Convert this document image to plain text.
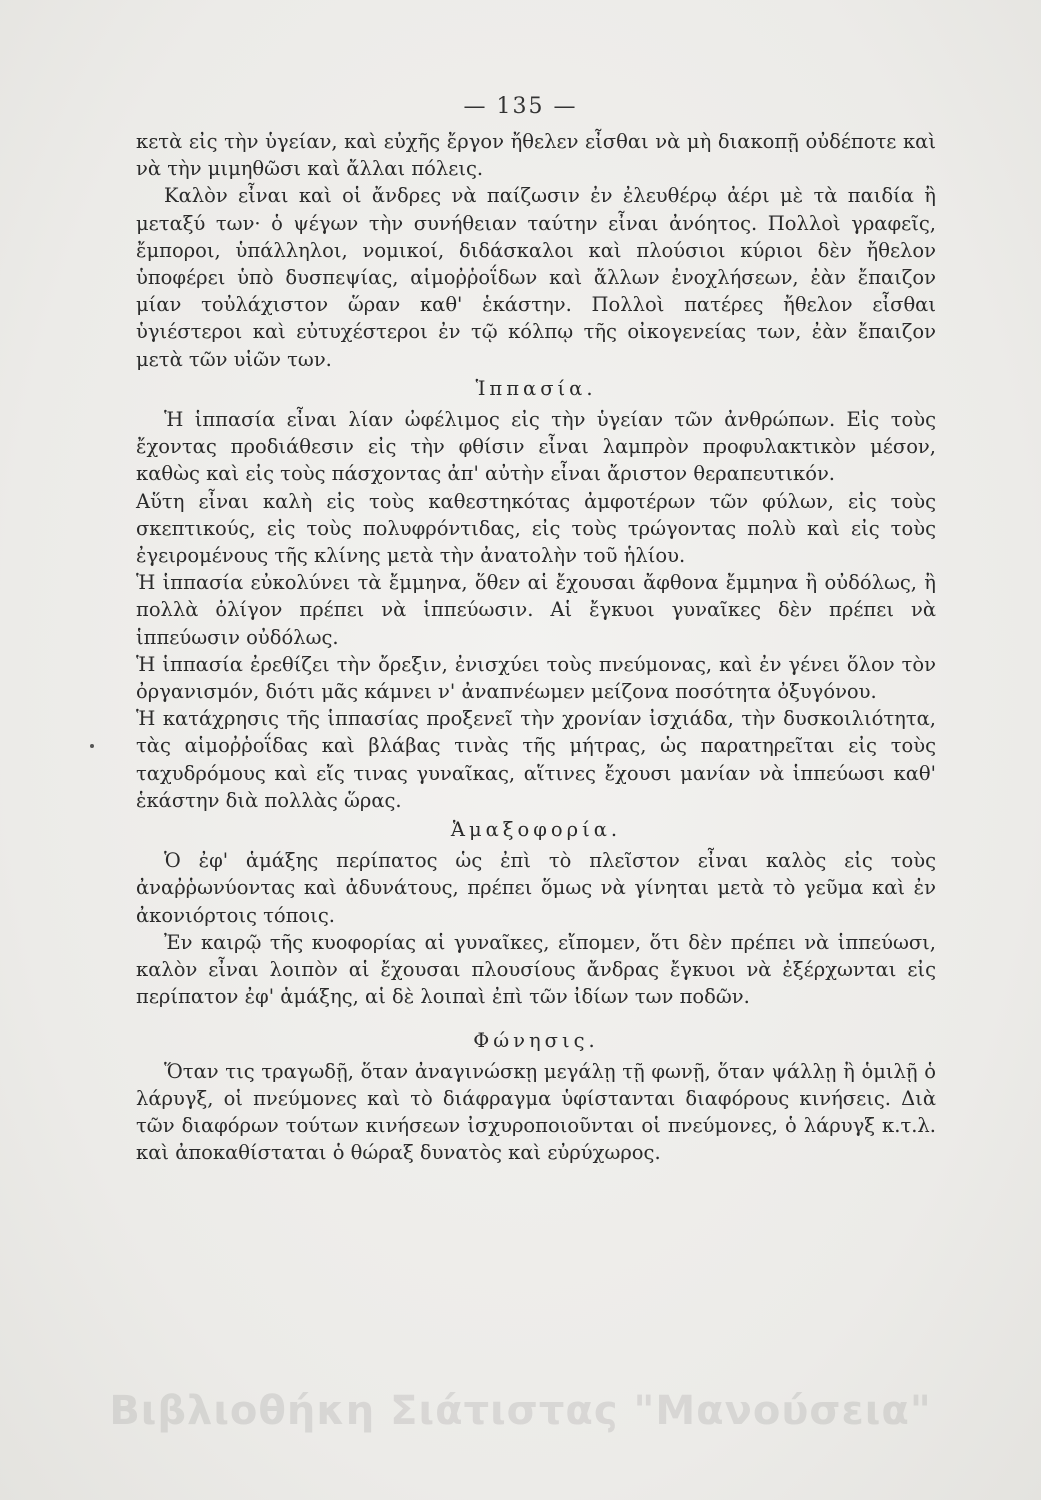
— 135 —

κετὰ εἰς τὴν ὑγείαν, καὶ εὐχῆς ἔργον ἤθελεν εἶσθαι νὰ μὴ διακοπῇ οὐδέποτε καὶ νὰ τὴν μιμηθῶσι καὶ ἄλλαι πόλεις.

Καλὸν εἶναι καὶ οἱ ἄνδρες νὰ παίζωσιν ἐν ἐλευθέρῳ ἀέρι μὲ τὰ παιδία ἢ μεταξύ των· ὁ ψέγων τὴν συνήθειαν ταύτην εἶναι ἀνόητος. Πολλοὶ γραφεῖς, ἔμποροι, ὑπάλληλοι, νομικοί, διδάσκαλοι καὶ πλούσιοι κύριοι δὲν ἤθελον ὑποφέρει ὑπὸ δυσπεψίας, αἱμοῤῥοΐδων καὶ ἄλλων ἐνοχλήσεων, ἐὰν ἔπαιζον μίαν τοὐλάχιστον ὥραν καθ' ἑκάστην. Πολλοὶ πατέρες ἤθελον εἶσθαι ὑγιέστεροι καὶ εὐτυχέστεροι ἐν τῷ κόλπῳ τῆς οἰκογενείας των, ἐὰν ἔπαιζον μετὰ τῶν υἱῶν των.

Ἱππασία.

Ἡ ἱππασία εἶναι λίαν ὠφέλιμος εἰς τὴν ὑγείαν τῶν ἀνθρώπων. Εἰς τοὺς ἔχοντας προδιάθεσιν εἰς τὴν φθίσιν εἶναι λαμπρὸν προφυλακτικὸν μέσον, καθὼς καὶ εἰς τοὺς πάσχοντας ἀπ' αὐτὴν εἶναι ἄριστον θεραπευτικόν.

Αὕτη εἶναι καλὴ εἰς τοὺς καθεστηκότας ἀμφοτέρων τῶν φύλων, εἰς τοὺς σκεπτικούς, εἰς τοὺς πολυφρόντιδας, εἰς τοὺς τρώγοντας πολὺ καὶ εἰς τοὺς ἐγειρομένους τῆς κλίνης μετὰ τὴν ἀνατολὴν τοῦ ἡλίου.

Ἡ ἱππασία εὐκολύνει τὰ ἔμμηνα, ὅθεν αἱ ἔχουσαι ἄφθονα ἔμμηνα ἢ οὐδόλως, ἢ πολλὰ ὀλίγον πρέπει νὰ ἱππεύωσιν. Αἱ ἔγκυοι γυναῖκες δὲν πρέπει νὰ ἱππεύωσιν οὐδόλως.

Ἡ ἱππασία ἐρεθίζει τὴν ὄρεξιν, ἐνισχύει τοὺς πνεύμονας, καὶ ἐν γένει ὅλον τὸν ὀργανισμόν, διότι μᾶς κάμνει ν' ἀναπνέωμεν μείζονα ποσότητα ὀξυγόνου.

Ἡ κατάχρησις τῆς ἱππασίας προξενεῖ τὴν χρονίαν ἰσχιάδα, τὴν δυσκοιλιότητα, τὰς αἱμοῤῥοΐδας καὶ βλάβας τινὰς τῆς μήτρας, ὡς παρατηρεῖται εἰς τοὺς ταχυδρόμους καὶ εἴς τινας γυναῖκας, αἵτινες ἔχουσι μανίαν νὰ ἱππεύωσι καθ' ἑκάστην διὰ πολλὰς ὥρας.

Ἁμαξοφορία.

Ὁ ἐφ' ἁμάξης περίπατος ὡς ἐπὶ τὸ πλεῖστον εἶναι καλὸς εἰς τοὺς ἀναῤῥωνύοντας καὶ ἀδυνάτους, πρέπει ὅμως νὰ γίνηται μετὰ τὸ γεῦμα καὶ ἐν ἀκονιόρτοις τόποις.

Ἐν καιρῷ τῆς κυοφορίας αἱ γυναῖκες, εἴπομεν, ὅτι δὲν πρέπει νὰ ἱππεύωσι, καλὸν εἶναι λοιπὸν αἱ ἔχουσαι πλουσίους ἄνδρας ἔγκυοι νὰ ἐξέρχωνται εἰς περίπατον ἐφ' ἁμάξης, αἱ δὲ λοιπαὶ ἐπὶ τῶν ἰδίων των ποδῶν.

Φώνησις.

Ὅταν τις τραγωδῇ, ὅταν ἀναγινώσκῃ μεγάλῃ τῇ φωνῇ, ὅταν ψάλλῃ ἢ ὁμιλῇ ὁ λάρυγξ, οἱ πνεύμονες καὶ τὸ διάφραγμα ὑφίστανται διαφόρους κινήσεις. Διὰ τῶν διαφόρων τούτων κινήσεων ἰσχυροποιοῦνται οἱ πνεύμονες, ὁ λάρυγξ κ.τ.λ. καὶ ἀποκαθίσταται ὁ θώραξ δυνατὸς καὶ εὐρύχωρος.

Βιβλιοθήκη Σιάτιστας "Μανούσεια"
